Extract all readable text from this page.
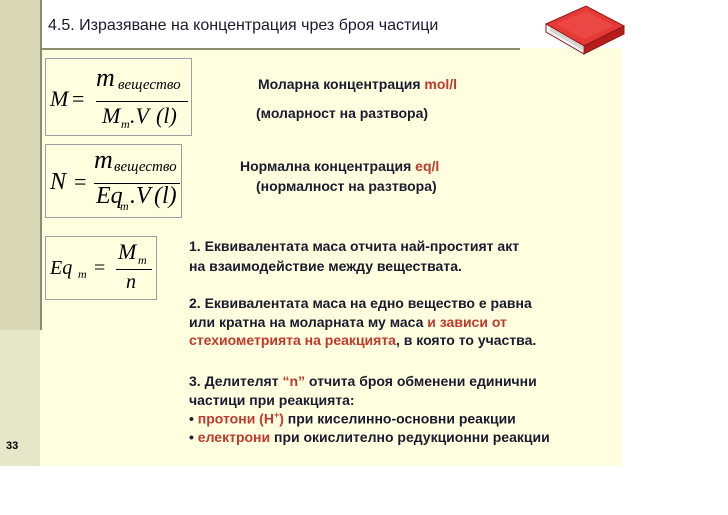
4.5. Изразяване на концентрация чрез броя частици
M =
m вещество
M m .V (l)
N =
m вещество
Eq
m .V (l)
Eq m =
M m
n
Моларна концентрация mol/l
(моларност на разтвора)
Нормална концентрация eq/l
(нормалност на разтвора)
1. Еквивалентата маса отчита най-простият акт
на взаимодействие между веществата.
2. Еквивалентата маса на едно вещество е равна
или кратна на моларната му маса и зависи от
стехиометрията на реакцията, в която то участва.
3. Делителят “n” отчита броя обменени единични
частици при реакцията:
• протони (H+) при киселинно-основни реакции
• електрони при окислително редукционни реакции
33
